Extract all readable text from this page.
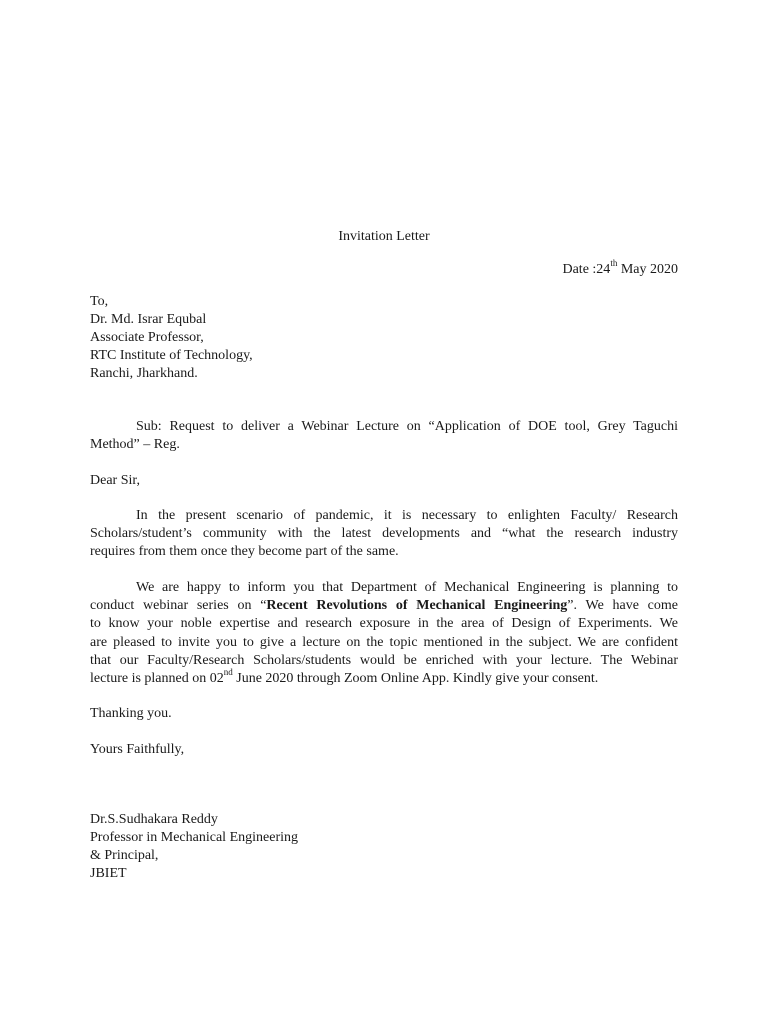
Invitation Letter
Date :24th May 2020
To,
Dr. Md. Israr Equbal
Associate Professor,
RTC Institute of Technology,
Ranchi, Jharkhand.
Sub: Request to deliver a Webinar Lecture on “Application of DOE tool, Grey Taguchi
Method” – Reg.
Dear Sir,
In the present scenario of pandemic, it is necessary to enlighten Faculty/ Research
Scholars/student’s community with the latest developments and “what the research industry
requires from them once they become part of the same.
We are happy to inform you that Department of Mechanical Engineering is planning to
conduct webinar series on “Recent Revolutions of Mechanical Engineering”. We have come
to know your noble expertise and research exposure in the area of Design of Experiments. We
are pleased to invite you to give a lecture on the topic mentioned in the subject. We are confident
that our Faculty/Research Scholars/students would be enriched with your lecture. The Webinar
lecture is planned on 02nd June 2020 through Zoom Online App. Kindly give your consent.
Thanking you.
Yours Faithfully,
Dr.S.Sudhakara Reddy
Professor in Mechanical Engineering
& Principal,
JBIET
